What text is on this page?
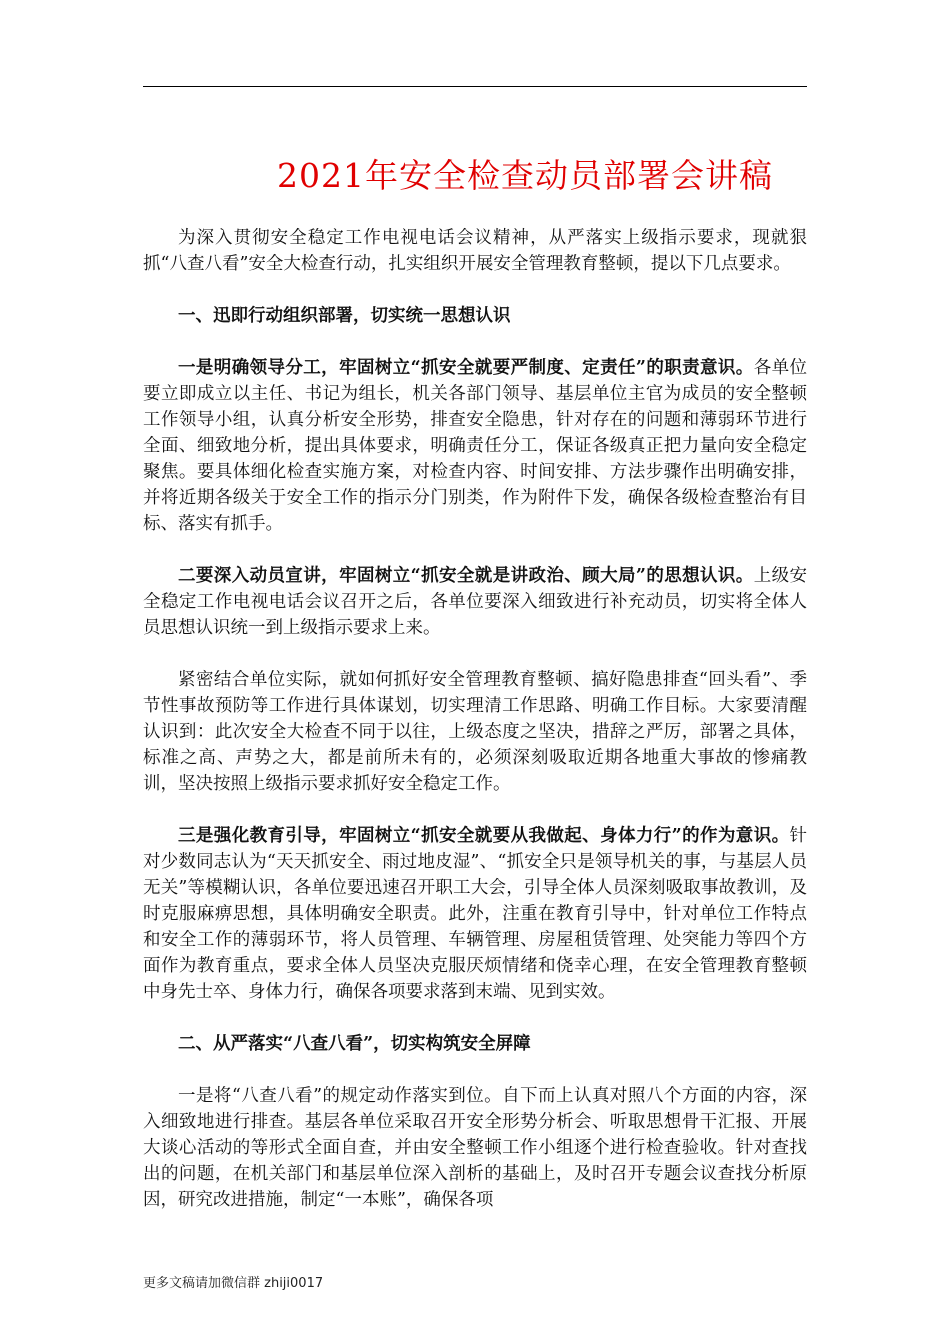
2021年安全检查动员部署会讲稿

为深入贯彻安全稳定工作电视电话会议精神，从严落实上级指示要求，现就狠抓“八查八看”安全大检查行动，扎实组织开展安全管理教育整顿，提以下几点要求。

一、迅即行动组织部署，切实统一思想认识

一是明确领导分工，牢固树立“抓安全就要严制度、定责任”的职责意识。各单位要立即成立以主任、书记为组长，机关各部门领导、基层单位主官为成员的安全整顿工作领导小组，认真分析安全形势，排查安全隐患，针对存在的问题和薄弱环节进行全面、细致地分析，提出具体要求，明确责任分工，保证各级真正把力量向安全稳定聚焦。要具体细化检查实施方案，对检查内容、时间安排、方法步骤作出明确安排，并将近期各级关于安全工作的指示分门别类，作为附件下发，确保各级检查整治有目标、落实有抓手。

二要深入动员宣讲，牢固树立“抓安全就是讲政治、顾大局”的思想认识。上级安全稳定工作电视电话会议召开之后，各单位要深入细致进行补充动员，切实将全体人员思想认识统一到上级指示要求上来。

紧密结合单位实际，就如何抓好安全管理教育整顿、搞好隐患排查“回头看”、季节性事故预防等工作进行具体谋划，切实理清工作思路、明确工作目标。大家要清醒认识到：此次安全大检查不同于以往，上级态度之坚决，措辞之严厉，部署之具体，标准之高、声势之大，都是前所未有的，必须深刻吸取近期各地重大事故的惨痛教训，坚决按照上级指示要求抓好安全稳定工作。

三是强化教育引导，牢固树立“抓安全就要从我做起、身体力行”的作为意识。针对少数同志认为“天天抓安全、雨过地皮湿”、“抓安全只是领导机关的事，与基层人员无关”等模糊认识，各单位要迅速召开职工大会，引导全体人员深刻吸取事故教训，及时克服麻痹思想，具体明确安全职责。此外，注重在教育引导中，针对单位工作特点和安全工作的薄弱环节，将人员管理、车辆管理、房屋租赁管理、处突能力等四个方面作为教育重点，要求全体人员坚决克服厌烦情绪和侥幸心理，在安全管理教育整顿中身先士卒、身体力行，确保各项要求落到末端、见到实效。

二、从严落实“八查八看”，切实构筑安全屏障

一是将“八查八看”的规定动作落实到位。自下而上认真对照八个方面的内容，深入细致地进行排查。基层各单位采取召开安全形势分析会、听取思想骨干汇报、开展大谈心活动的等形式全面自查，并由安全整顿工作小组逐个进行检查验收。针对查找出的问题，在机关部门和基层单位深入剖析的基础上，及时召开专题会议查找分析原因，研究改进措施，制定“一本账”，确保各项

更多文稿请加微信群 zhiji0017
